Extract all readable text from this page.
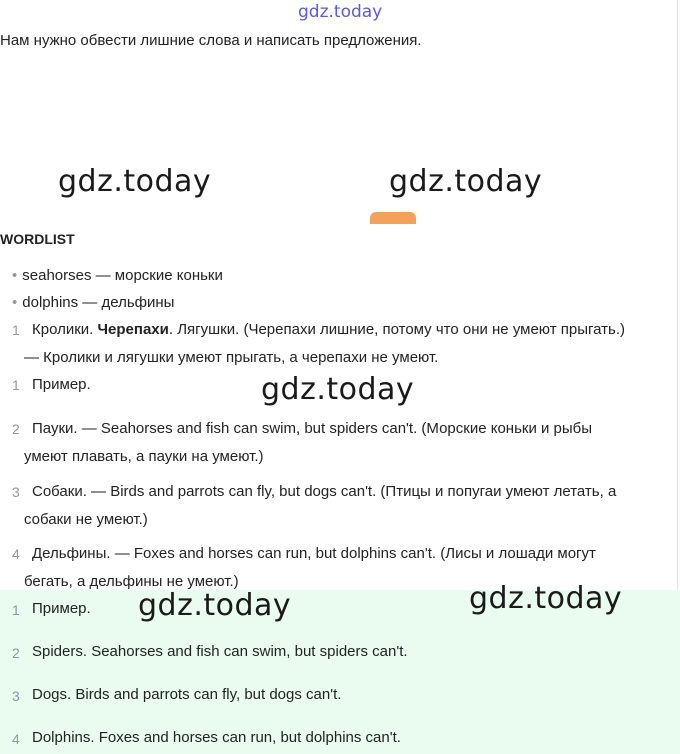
gdz.today
Нам нужно обвести лишние слова и написать предложения.
gdz.today	gdz.today
WORDLIST
• seahorses — морские коньки
• dolphins — дельфины
1 Кролики. Черепахи. Лягушки. (Черепахи лишние, потому что они не умеют прыгать.)
— Кролики и лягушки умеют прыгать, а черепахи не умеют.
1 Пример.	gdz.today
2 Пауки. — Seahorses and fish can swim, but spiders can't. (Морские коньки и рыбы
умеют плавать, а пауки на умеют.)
3 Собаки. — Birds and parrots can fly, but dogs can't. (Птицы и попугаи умеют летать, а
собаки не умеют.)
4 Дельфины. — Foxes and horses can run, but dolphins can't. (Лисы и лошади могут
бегать, а дельфины не умеют.)
1 Пример. gdz.today	gdz.today
2 Spiders. Seahorses and fish can swim, but spiders can't.
3 Dogs. Birds and parrots can fly, but dogs can't.
4 Dolphins. Foxes and horses can run, but dolphins can't.
